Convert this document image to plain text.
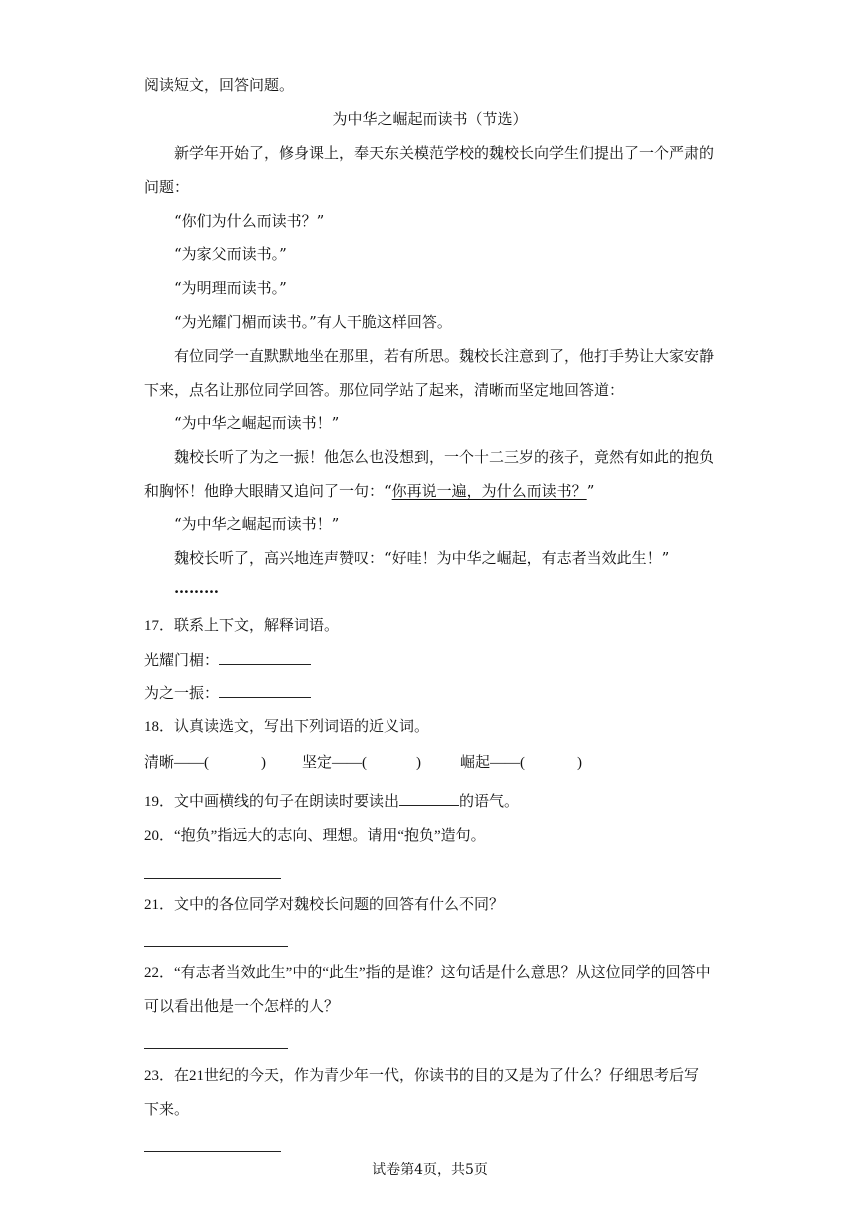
阅读短文，回答问题。
为中华之崛起而读书（节选）
新学年开始了，修身课上，奉天东关模范学校的魏校长向学生们提出了一个严肃的
问题：
“你们为什么而读书？”
“为家父而读书。”
“为明理而读书。”
“为光耀门楣而读书。”有人干脆这样回答。
有位同学一直默默地坐在那里，若有所思。魏校长注意到了，他打手势让大家安静
下来，点名让那位同学回答。那位同学站了起来，清晰而坚定地回答道：
“为中华之崛起而读书！”
魏校长听了为之一振！他怎么也没想到，一个十二三岁的孩子，竟然有如此的抱负
和胸怀！他睁大眼睛又追问了一句：“你再说一遍，为什么而读书？”
“为中华之崛起而读书！”
魏校长听了，高兴地连声赞叹：“好哇！为中华之崛起，有志者当效此生！”
………
17．联系上下文，解释词语。
光耀门楣：
为之一振：
18．认真读选文，写出下列词语的近义词。
清晰——(	) 坚定——(	)	崛起——(	)
19．文中画横线的句子在朗读时要读出	的语气。
20．“抱负”指远大的志向、理想。请用“抱负”造句。
21．文中的各位同学对魏校长问题的回答有什么不同？
22．“有志者当效此生”中的“此生”指的是谁？这句话是什么意思？从这位同学的回答中
可以看出他是一个怎样的人？
23．在21世纪的今天，作为青少年一代，你读书的目的又是为了什么？仔细思考后写
下来。
试卷第4页，共5页
